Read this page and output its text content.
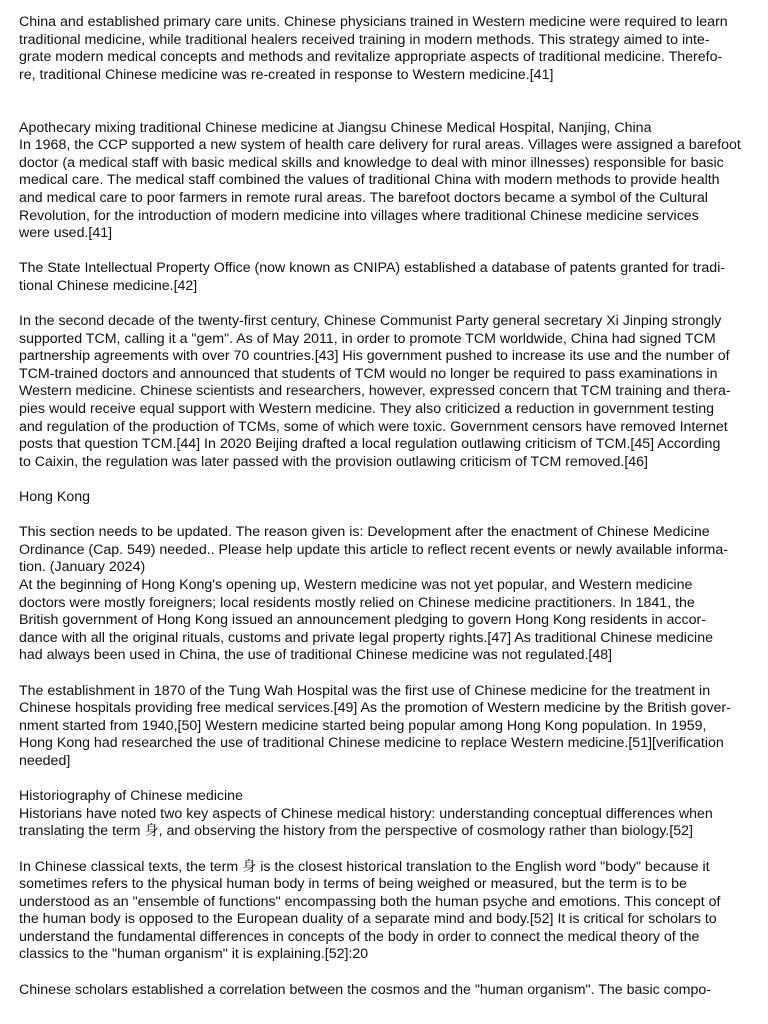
China and established primary care units. Chinese physicians trained in Western medicine were required to learn
traditional medicine, while traditional healers received training in modern methods. This strategy aimed to inte-
grate modern medical concepts and methods and revitalize appropriate aspects of traditional medicine. Therefo-
re, traditional Chinese medicine was re-created in response to Western medicine.[41]
Apothecary mixing traditional Chinese medicine at Jiangsu Chinese Medical Hospital, Nanjing, China
In 1968, the CCP supported a new system of health care delivery for rural areas. Villages were assigned a barefoot
doctor (a medical staff with basic medical skills and knowledge to deal with minor illnesses) responsible for basic
medical care. The medical staff combined the values of traditional China with modern methods to provide health
and medical care to poor farmers in remote rural areas. The barefoot doctors became a symbol of the Cultural
Revolution, for the introduction of modern medicine into villages where traditional Chinese medicine services
were used.[41]
The State Intellectual Property Office (now known as CNIPA) established a database of patents granted for tradi-
tional Chinese medicine.[42]
In the second decade of the twenty-first century, Chinese Communist Party general secretary Xi Jinping strongly
supported TCM, calling it a "gem". As of May 2011, in order to promote TCM worldwide, China had signed TCM
partnership agreements with over 70 countries.[43] His government pushed to increase its use and the number of
TCM-trained doctors and announced that students of TCM would no longer be required to pass examinations in
Western medicine. Chinese scientists and researchers, however, expressed concern that TCM training and thera-
pies would receive equal support with Western medicine. They also criticized a reduction in government testing
and regulation of the production of TCMs, some of which were toxic. Government censors have removed Internet
posts that question TCM.[44] In 2020 Beijing drafted a local regulation outlawing criticism of TCM.[45] According
to Caixin, the regulation was later passed with the provision outlawing criticism of TCM removed.[46]
Hong Kong
This section needs to be updated. The reason given is: Development after the enactment of Chinese Medicine
Ordinance (Cap. 549) needed.. Please help update this article to reflect recent events or newly available informa-
tion. (January 2024)
At the beginning of Hong Kong's opening up, Western medicine was not yet popular, and Western medicine
doctors were mostly foreigners; local residents mostly relied on Chinese medicine practitioners. In 1841, the
British government of Hong Kong issued an announcement pledging to govern Hong Kong residents in accor-
dance with all the original rituals, customs and private legal property rights.[47] As traditional Chinese medicine
had always been used in China, the use of traditional Chinese medicine was not regulated.[48]
The establishment in 1870 of the Tung Wah Hospital was the first use of Chinese medicine for the treatment in
Chinese hospitals providing free medical services.[49] As the promotion of Western medicine by the British gover-
nment started from 1940,[50] Western medicine started being popular among Hong Kong population. In 1959,
Hong Kong had researched the use of traditional Chinese medicine to replace Western medicine.[51][verification
needed]
Historiography of Chinese medicine
Historians have noted two key aspects of Chinese medical history: understanding conceptual differences when
translating the term 身, and observing the history from the perspective of cosmology rather than biology.[52]
In Chinese classical texts, the term 身 is the closest historical translation to the English word "body" because it
sometimes refers to the physical human body in terms of being weighed or measured, but the term is to be
understood as an "ensemble of functions" encompassing both the human psyche and emotions. This concept of
the human body is opposed to the European duality of a separate mind and body.[52] It is critical for scholars to
understand the fundamental differences in concepts of the body in order to connect the medical theory of the
classics to the "human organism" it is explaining.[52]:20
Chinese scholars established a correlation between the cosmos and the "human organism". The basic compo-
